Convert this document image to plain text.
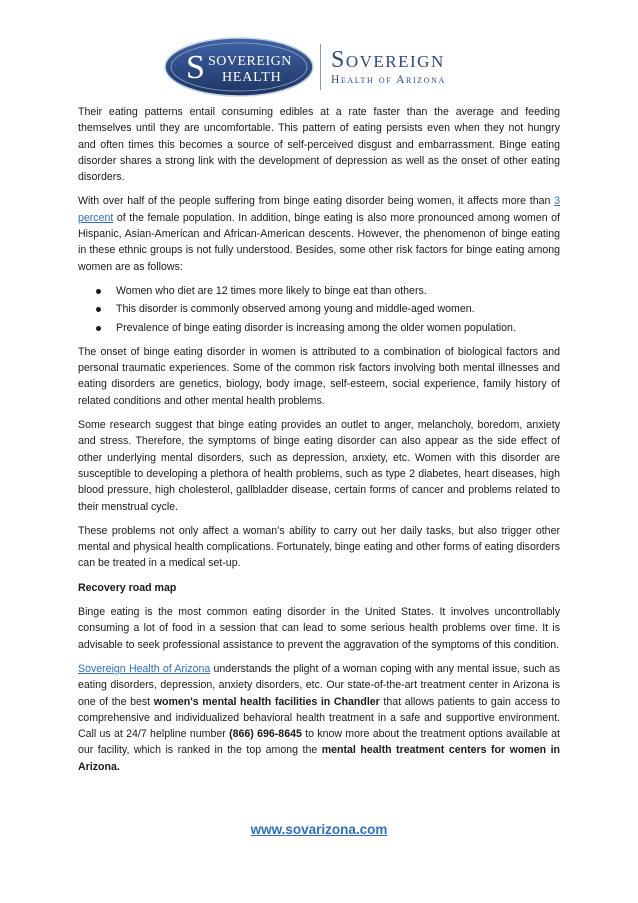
S SOVEREIGN
HEALTH
Sovereign
Health of Arizona

Their eating patterns entail consuming edibles at a rate faster than the average and feeding themselves until they are uncomfortable. This pattern of eating persists even when they not hungry and often times this becomes a source of self-perceived disgust and embarrassment. Binge eating disorder shares a strong link with the development of depression as well as the onset of other eating disorders.

With over half of the people suffering from binge eating disorder being women, it affects more than 3 percent of the female population. In addition, binge eating is also more pronounced among women of Hispanic, Asian-American and African-American descents. However, the phenomenon of binge eating in these ethnic groups is not fully understood. Besides, some other risk factors for binge eating among women are as follows:

Women who diet are 12 times more likely to binge eat than others.
This disorder is commonly observed among young and middle-aged women.
Prevalence of binge eating disorder is increasing among the older women population.

The onset of binge eating disorder in women is attributed to a combination of biological factors and personal traumatic experiences. Some of the common risk factors involving both mental illnesses and eating disorders are genetics, biology, body image, self-esteem, social experience, family history of related conditions and other mental health problems.

Some research suggest that binge eating provides an outlet to anger, melancholy, boredom, anxiety and stress. Therefore, the symptoms of binge eating disorder can also appear as the side effect of other underlying mental disorders, such as depression, anxiety, etc. Women with this disorder are susceptible to developing a plethora of health problems, such as type 2 diabetes, heart diseases, high blood pressure, high cholesterol, gallbladder disease, certain forms of cancer and problems related to their menstrual cycle.

These problems not only affect a woman’s ability to carry out her daily tasks, but also trigger other mental and physical health complications. Fortunately, binge eating and other forms of eating disorders can be treated in a medical set-up.

Recovery road map

Binge eating is the most common eating disorder in the United States. It involves uncontrollably consuming a lot of food in a session that can lead to some serious health problems over time. It is advisable to seek professional assistance to prevent the aggravation of the symptoms of this condition.

Sovereign Health of Arizona understands the plight of a woman coping with any mental issue, such as eating disorders, depression, anxiety disorders, etc. Our state-of-the-art treatment center in Arizona is one of the best women's mental health facilities in Chandler that allows patients to gain access to comprehensive and individualized behavioral health treatment in a safe and supportive environment. Call us at 24/7 helpline number (866) 696-8645 to know more about the treatment options available at our facility, which is ranked in the top among the mental health treatment centers for women in Arizona.

www.sovarizona.com
